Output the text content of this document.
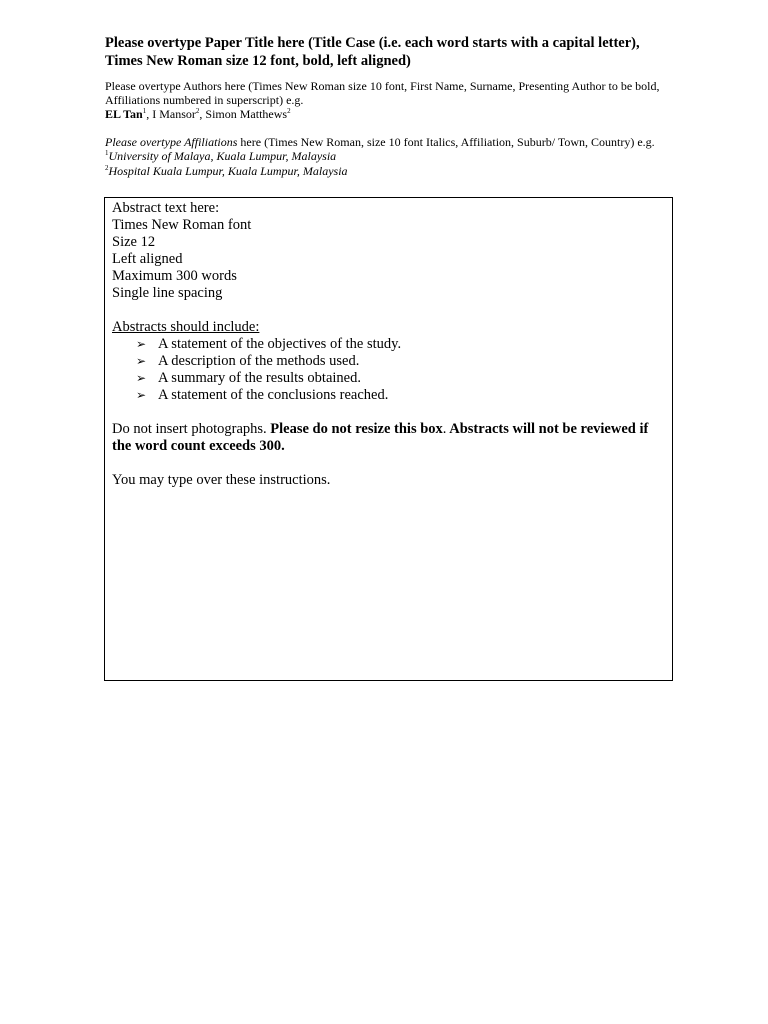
Please overtype Paper Title here (Title Case (i.e. each word starts with a capital letter), Times New Roman size 12 font, bold, left aligned)

Please overtype Authors here (Times New Roman size 10 font, First Name, Surname, Presenting Author to be bold, Affiliations numbered in superscript) e.g.
EL Tan$^1$, I Mansor$^2$, Simon Matthews$^2$
Please overtype Affiliations here (Times New Roman, size 10 font Italics, Affiliation, Suburb/ Town, Country) e.g.
$^1$University of Malaya, Kuala Lumpur, Malaysia
$^2$Hospital Kuala Lumpur, Kuala Lumpur, Malaysia

Abstract text here:

Times New Roman font

Size 12

Left aligned

Maximum 300 words

Single line spacing

Abstracts should include:

➢ A statement of the objectives of the study.
➢ A description of the methods used.
➢ A summary of the results obtained.
➢ A statement of the conclusions reached.

Do not insert photographs. Please do not resize this box. Abstracts will not be reviewed if the word count exceeds 300.

You may type over these instructions.
